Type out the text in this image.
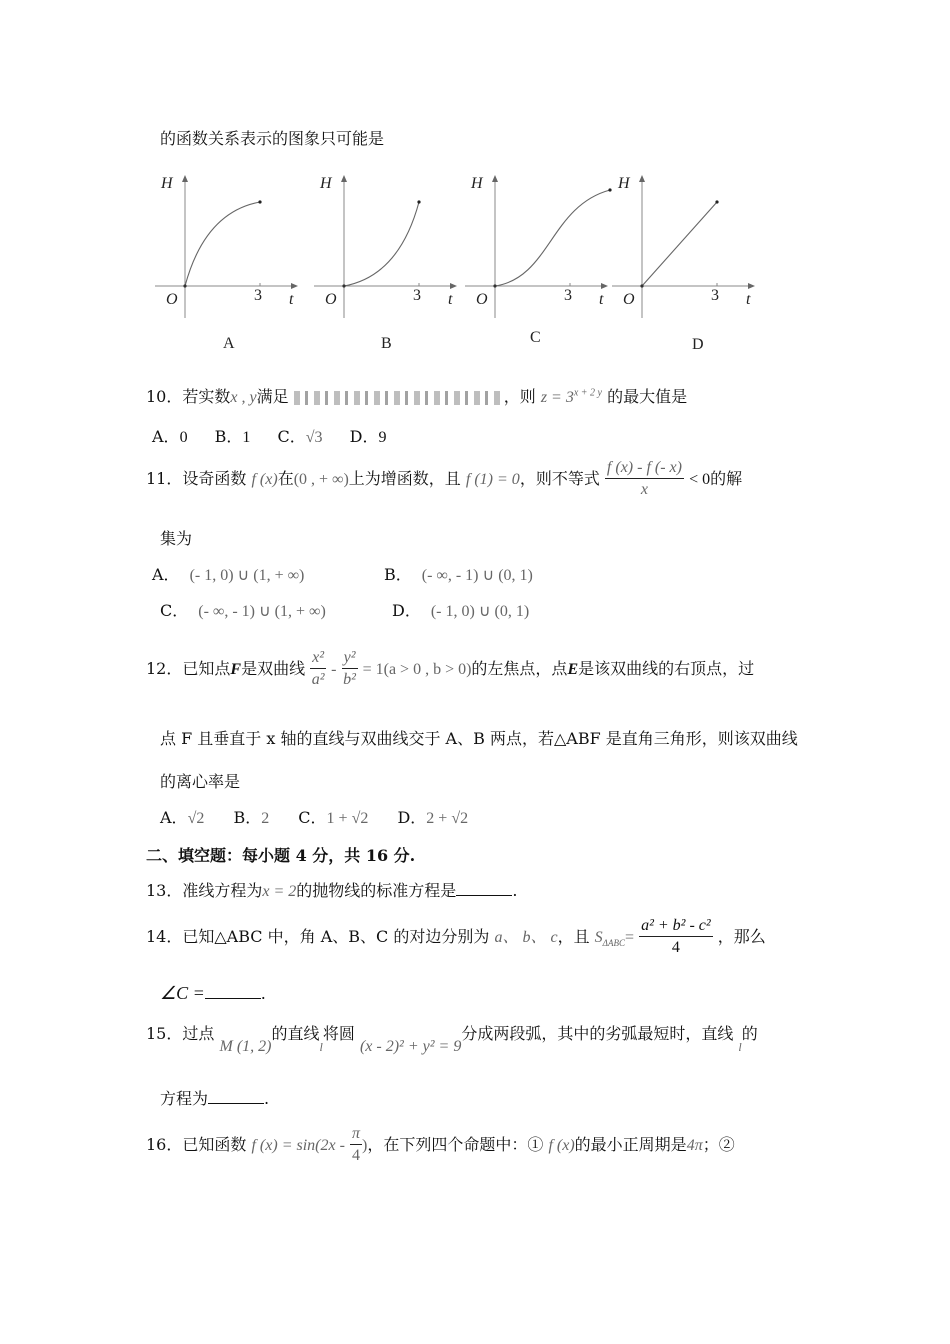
的函数关系表示的图象只可能是
H
O	3 t
A
H
O	3 t
B
H
O	3 t
C
H
O	3 t
D
10．若实数x , y满足	，则 $z = 3^{x + 2 y}$ 的最大值是
A．0 B．1 C．√3 D．9
11．设奇函数 f (x)在(0 , + ∞)上为增函数，且 f (1) = 0，则不等式 $\frac{f (x) - f (- x)}{x} < 0$的解
集为
A． (- 1, 0) ∪ (1, + ∞)	B． (- ∞, - 1) ∪ (0, 1)
C． (- ∞, - 1) ∪ (1, + ∞)	D． (- 1, 0) ∪ (0, 1)
12．已知点F是双曲线 $\frac{\text{x²}}{\text{a²}} - \frac{\text{y²}}{\text{b²}} = 1(a > 0$ , b > 0)的左焦点，点E是该双曲线的右顶点，过
点 F 且垂直于 x 轴的直线与双曲线交于 A、B 两点，若△ABF 是直角三角形，则该双曲线
的离心率是
A．√2 B．2 C．1 + √2 D．2 + √2
二、填空题：每小题 4 分，共 16 分.
13．准线方程为x = 2的抛物线的标准方程是	.
14．已知△ABC 中，角 A、B、C 的对边分别为 a、 b、 c，且 $S_{\Delta ABC}= \frac{\text{a² + b² - c²}}{4}$ ，那么
∠C =	.
15．过点 M (1, 2)的直线$_l$将圆 (x - 2)² + y² = 9分成两段弧，其中的劣弧最短时，直线 $_l$的
方程为	.
16．已知函数 f $(x) = \sin(2x - \frac{\pi}{4}$ )，在下列四个命题中：① f (x)的最小正周期是4π；②
